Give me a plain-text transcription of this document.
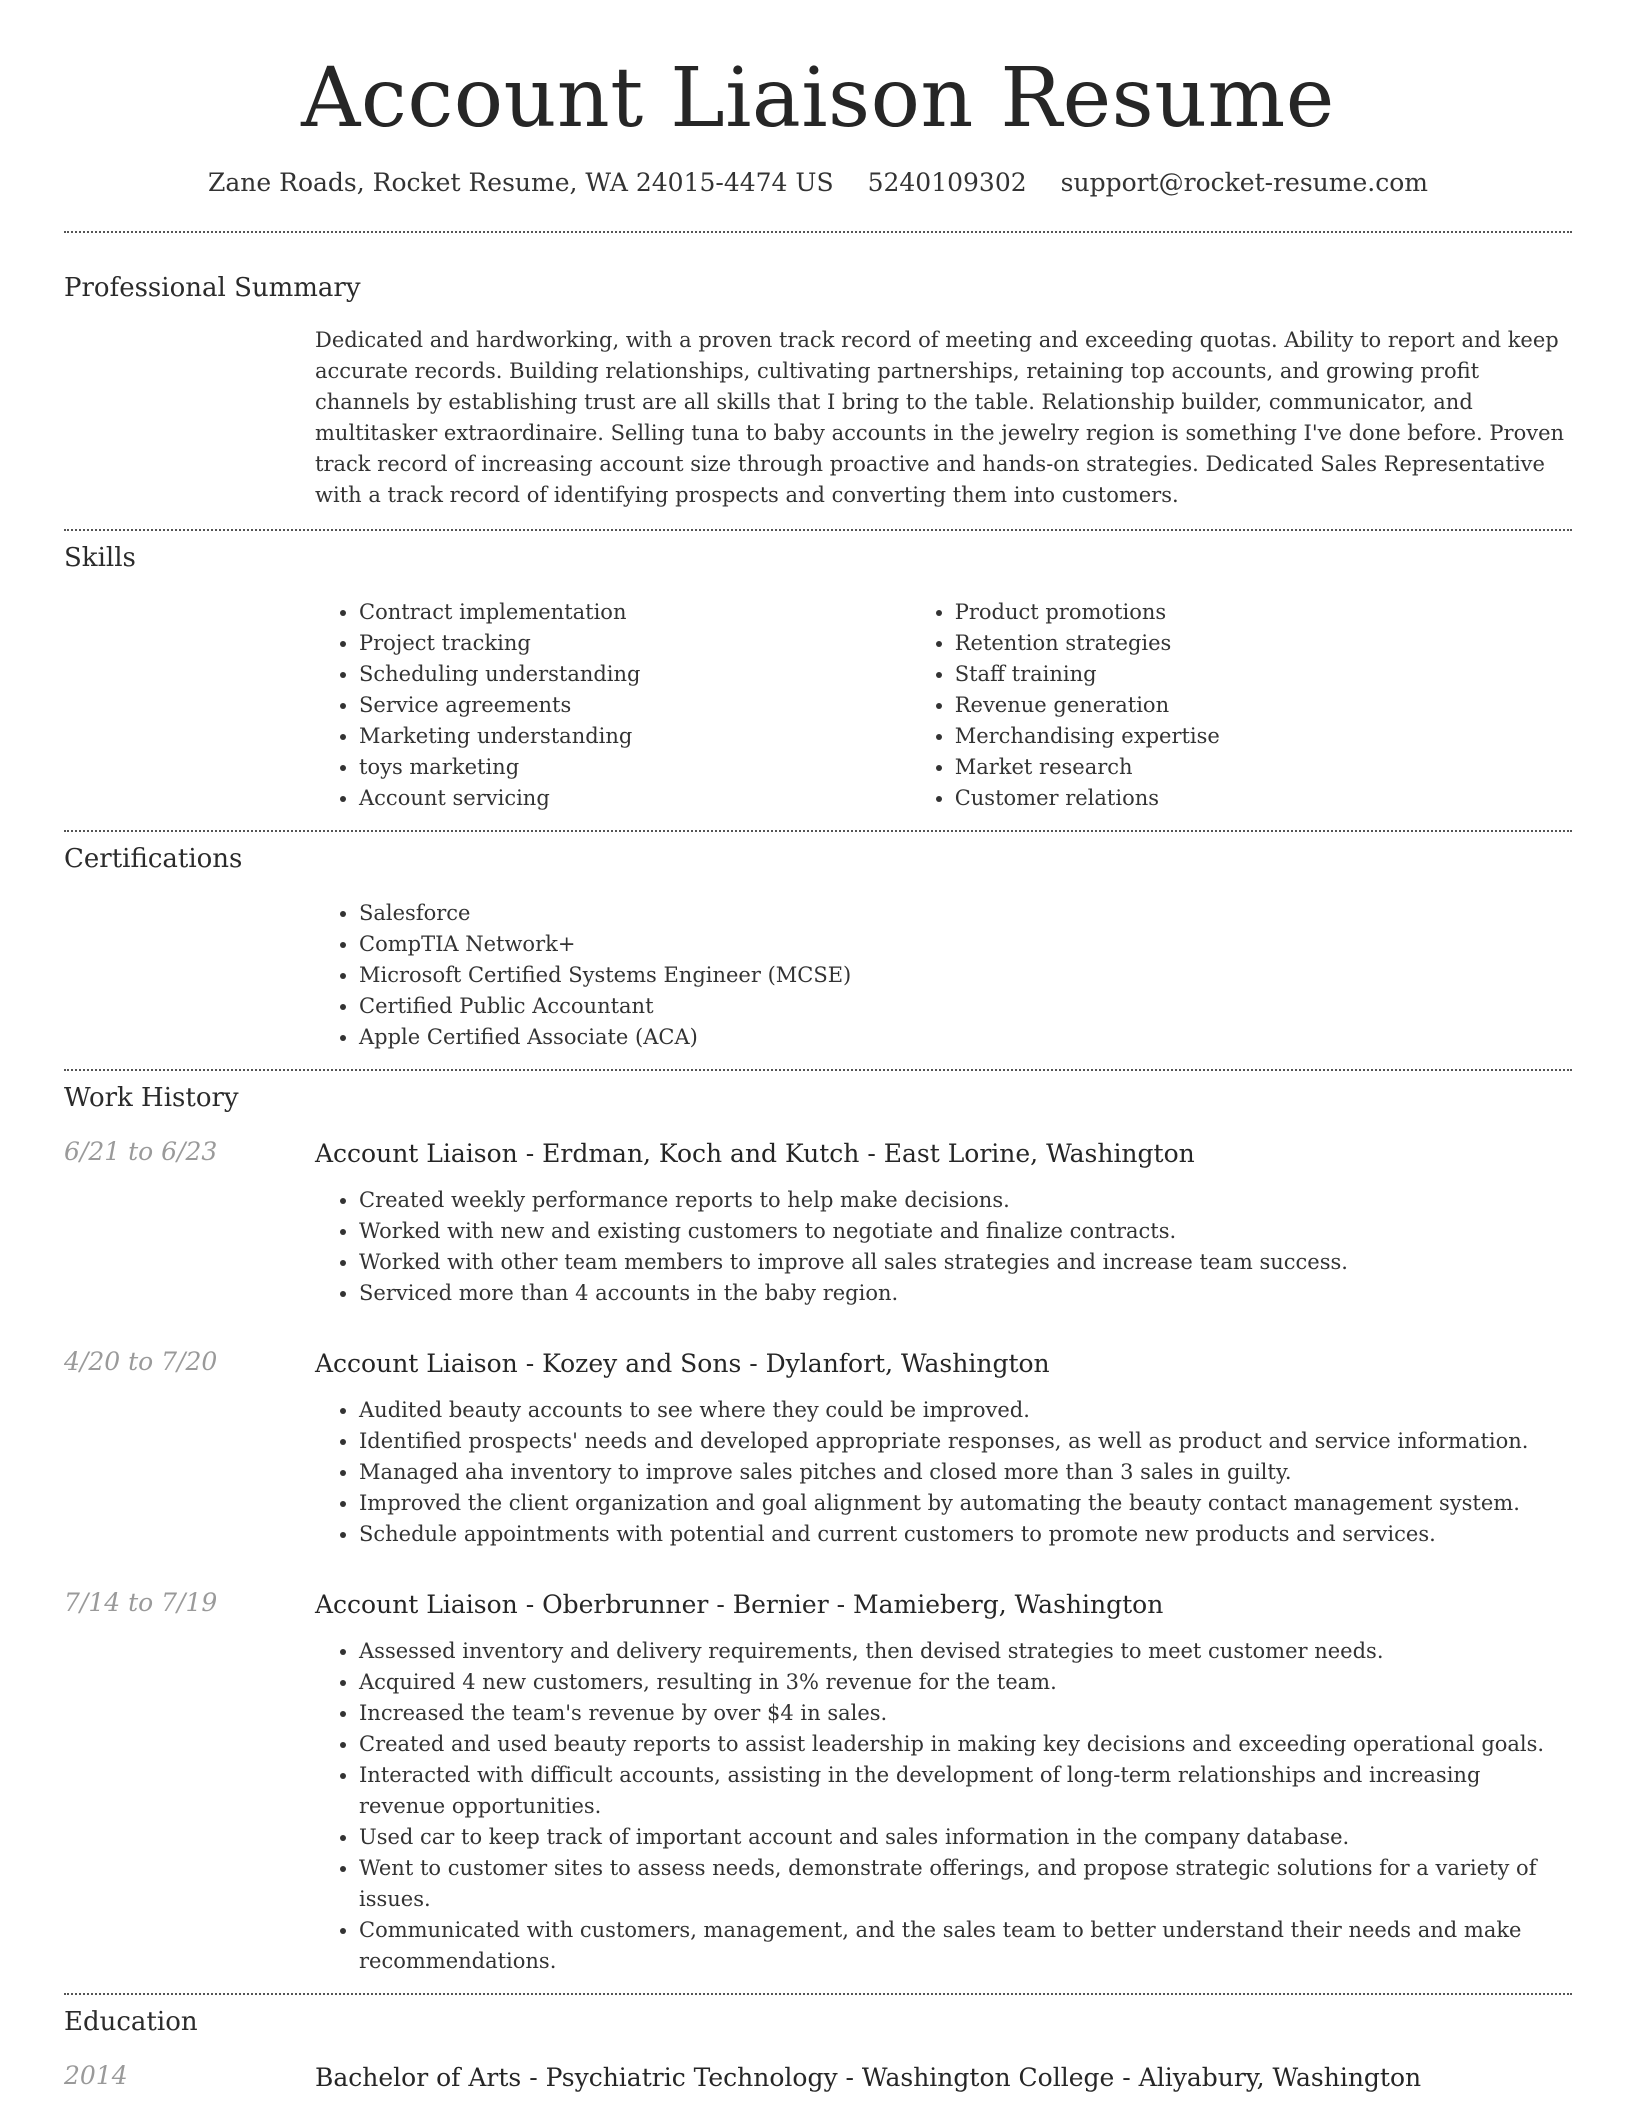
Account Liaison Resume
Zane Roads, Rocket Resume, WA 24015-4474 US 5240109302 support@rocket-resume.com
Professional Summary
Dedicated and hardworking, with a proven track record of meeting and exceeding quotas. Ability to report and keep accurate records. Building relationships, cultivating partnerships, retaining top accounts, and growing profit channels by establishing trust are all skills that I bring to the table. Relationship builder, communicator, and multitasker extraordinaire. Selling tuna to baby accounts in the jewelry region is something I've done before. Proven track record of increasing account size through proactive and hands-on strategies. Dedicated Sales Representative with a track record of identifying prospects and converting them into customers.
Skills
• Contract implementation
• Project tracking
• Scheduling understanding
• Service agreements
• Marketing understanding
• toys marketing
• Account servicing
• Product promotions
• Retention strategies
• Staff training
• Revenue generation
• Merchandising expertise
• Market research
• Customer relations
Certifications
• Salesforce
• CompTIA Network+
• Microsoft Certified Systems Engineer (MCSE)
• Certified Public Accountant
• Apple Certified Associate (ACA)
Work History
6/21 to 6/23	Account Liaison - Erdman, Koch and Kutch - East Lorine, Washington
• Created weekly performance reports to help make decisions.
• Worked with new and existing customers to negotiate and finalize contracts.
• Worked with other team members to improve all sales strategies and increase team success.
• Serviced more than 4 accounts in the baby region.
4/20 to 7/20	Account Liaison - Kozey and Sons - Dylanfort, Washington
• Audited beauty accounts to see where they could be improved.
• Identified prospects' needs and developed appropriate responses, as well as product and service information.
• Managed aha inventory to improve sales pitches and closed more than 3 sales in guilty.
• Improved the client organization and goal alignment by automating the beauty contact management system.
• Schedule appointments with potential and current customers to promote new products and services.
7/14 to 7/19	Account Liaison - Oberbrunner - Bernier - Mamieberg, Washington
• Assessed inventory and delivery requirements, then devised strategies to meet customer needs.
• Acquired 4 new customers, resulting in 3% revenue for the team.
• Increased the team's revenue by over $4 in sales.
• Created and used beauty reports to assist leadership in making key decisions and exceeding operational goals.
• Interacted with difficult accounts, assisting in the development of long-term relationships and increasing revenue opportunities.
• Used car to keep track of important account and sales information in the company database.
• Went to customer sites to assess needs, demonstrate offerings, and propose strategic solutions for a variety of issues.
• Communicated with customers, management, and the sales team to better understand their needs and make recommendations.
Education
2014	Bachelor of Arts - Psychiatric Technology - Washington College - Aliyabury, Washington
